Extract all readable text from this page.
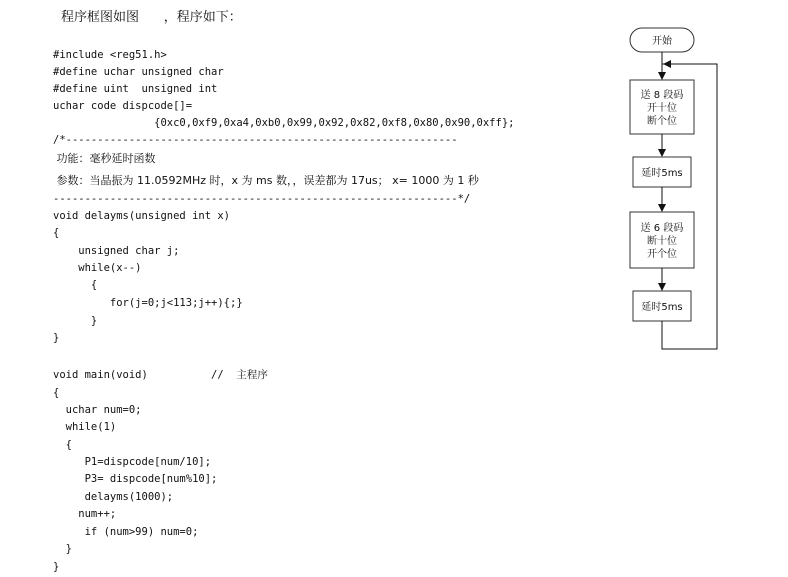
程序框图如图      ，程序如下：
#include <reg51.h>
#define uchar unsigned char
#define uint  unsigned int
uchar code dispcode[]=
{0xc0,0xf9,0xa4,0xb0,0x99,0x92,0x82,0xf8,0x80,0x90,0xff};
/*--------------------------------------------------------------
功能：毫秒延时函数
参数：当晶振为 11.0592MHz 时，x 为 ms 数，，误差都为 17us； x= 1000 为 1 秒
----------------------------------------------------------------*/
void delayms(unsigned int x)
{
unsigned char j;
while(x--)
{
for(j=0;j<113;j++){;}
}
}
void main(void)          //  主程序
{
uchar num=0;
while(1)
{
P1=dispcode[num/10];
P3= dispcode[num%10];
delayms(1000);
num++;
if (num>99) num=0;
}
}
开始
送 8 段码
开十位
断个位
延时5ms
送 6 段码
断十位
开个位
延时5ms
